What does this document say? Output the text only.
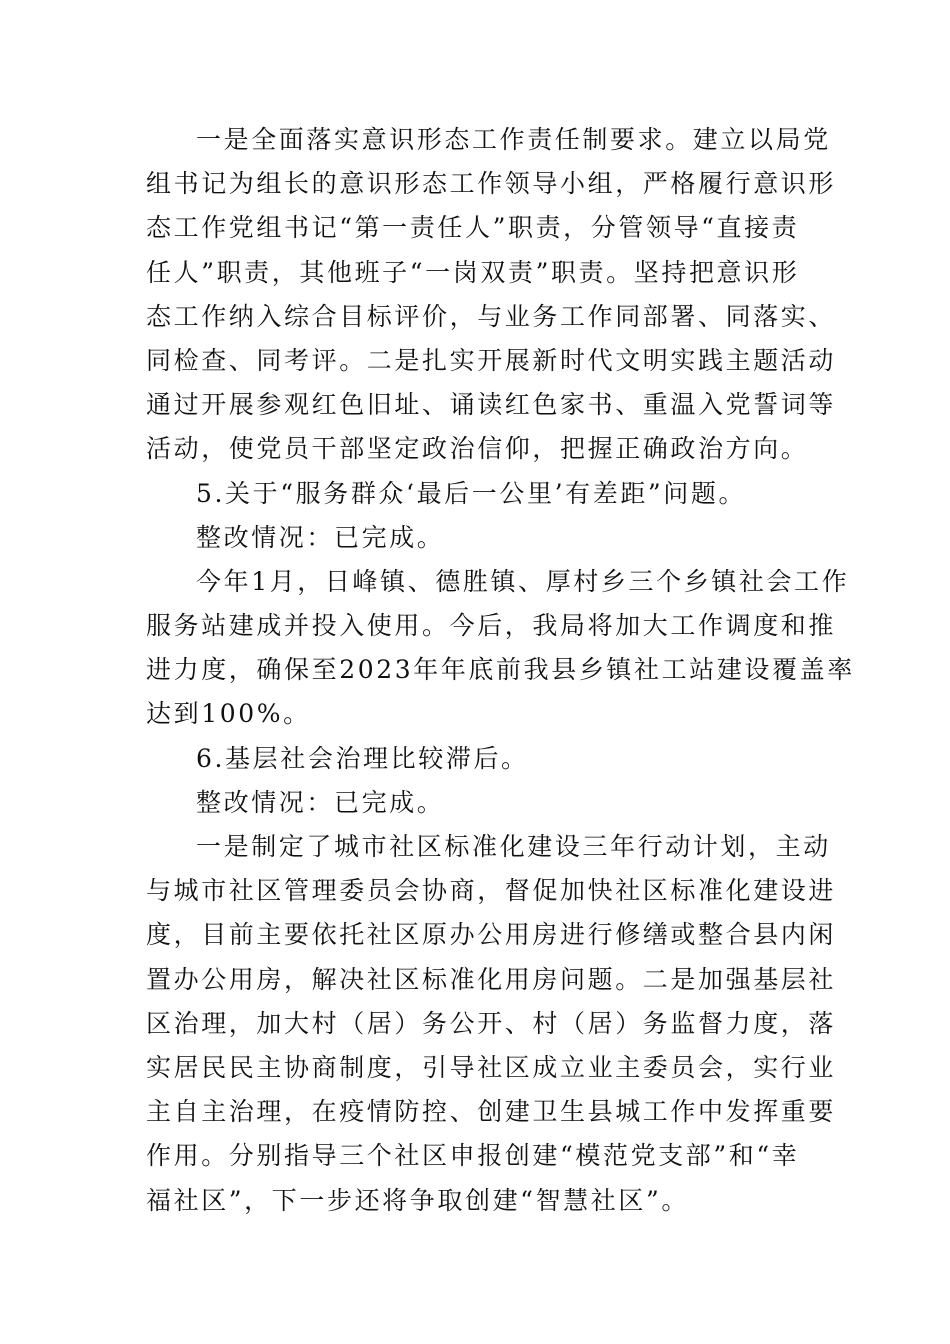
一是全面落实意识形态工作责任制要求。建立以局党
组书记为组长的意识形态工作领导小组，严格履行意识形
态工作党组书记“第一责任人”职责，分管领导“直接责
任人”职责，其他班子“一岗双责”职责。坚持把意识形
态工作纳入综合目标评价，与业务工作同部署、同落实、
同检查、同考评。二是扎实开展新时代文明实践主题活动
通过开展参观红色旧址、诵读红色家书、重温入党誓词等
活动，使党员干部坚定政治信仰，把握正确政治方向。
5.关于“服务群众‘最后一公里’有差距”问题。
整改情况：已完成。
今年1月，日峰镇、德胜镇、厚村乡三个乡镇社会工作
服务站建成并投入使用。今后，我局将加大工作调度和推
进力度，确保至2023年年底前我县乡镇社工站建设覆盖率
达到100%。
6.基层社会治理比较滞后。
整改情况：已完成。
一是制定了城市社区标准化建设三年行动计划，主动
与城市社区管理委员会协商，督促加快社区标准化建设进
度，目前主要依托社区原办公用房进行修缮或整合县内闲
置办公用房，解决社区标准化用房问题。二是加强基层社
区治理，加大村（居）务公开、村（居）务监督力度，落
实居民民主协商制度，引导社区成立业主委员会，实行业
主自主治理，在疫情防控、创建卫生县城工作中发挥重要
作用。分别指导三个社区申报创建“模范党支部”和“幸
福社区”，下一步还将争取创建“智慧社区”。
